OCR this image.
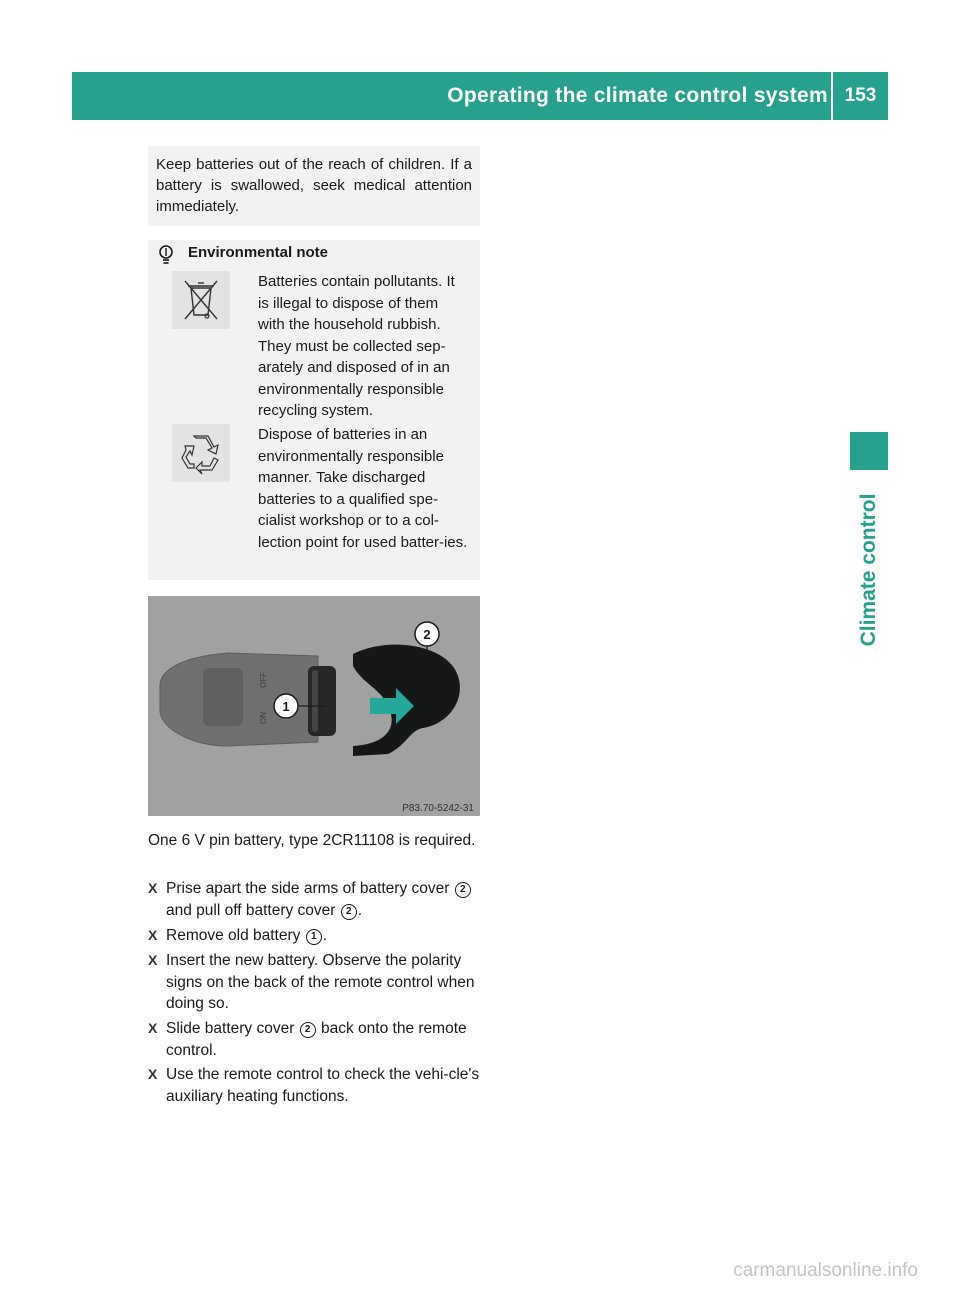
Operating the climate control system 153
Climate control
Keep batteries out of the reach of children. If a battery is swallowed, seek medical attention immediately.
Environmental note
Batteries contain pollutants. It is illegal to dispose of them with the household rubbish. They must be collected sep-arately and disposed of in an environmentally responsible recycling system.
Dispose of batteries in an environmentally responsible manner. Take discharged batteries to a qualified spe-cialist workshop or to a col-lection point for used batter-ies.
OFF
ON
1
2
P83.70-5242-31
One 6 V pin battery, type 2CR11108 is required.
X Prise apart the side arms of battery cover 2 and pull off battery cover 2 .
X Remove old battery 1 .
X Insert the new battery. Observe the polarity signs on the back of the remote control when doing so.
X Slide battery cover 2 back onto the remote control.
X Use the remote control to check the vehi-cle's auxiliary heating functions.
carmanualsonline.info
